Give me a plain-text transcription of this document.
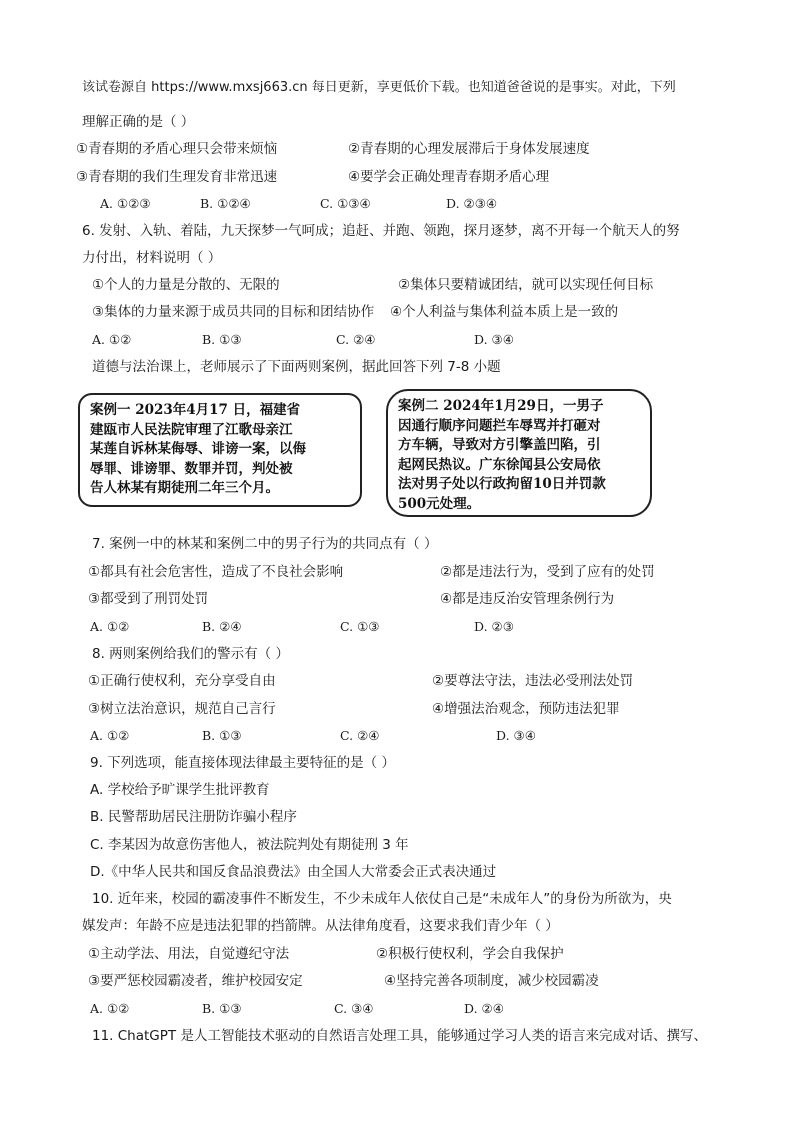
该试卷源自 https://www.mxsj663.cn 每日更新，享更低价下载。也知道爸爸说的是事实。对此，下列
理解正确的是（ ）
①青春期的矛盾心理只会带来烦恼	②青春期的心理发展滞后于身体发展速度
③青春期的我们生理发育非常迅速	④要学会正确处理青春期矛盾心理
A. ①②③	B. ①②④	C. ①③④	D. ②③④
6. 发射、入轨、着陆，九天探梦一气呵成；追赶、并跑、领跑，探月逐梦，离不开每一个航天人的努
力付出，材料说明（ ）
①个人的力量是分散的、无限的	②集体只要精诚团结，就可以实现任何目标
③集体的力量来源于成员共同的目标和团结协作 ④个人利益与集体利益本质上是一致的
A. ①②	B. ①③	C. ②④	D. ③④
道德与法治课上，老师展示了下面两则案例，据此回答下列 7-8 小题
案例一 2023年4月17 日，福建省
建瓯市人民法院审理了江歌母亲江
某莲自诉林某侮辱、诽谤一案，以侮
辱罪、诽谤罪、数罪并罚，判处被
告人林某有期徒刑二年三个月。
案例二 2024年1月29日，一男子
因通行顺序问题拦车辱骂并打砸对
方车辆，导致对方引擎盖凹陷，引
起网民热议。广东徐闻县公安局依
法对男子处以行政拘留10日并罚款
500元处理。
7. 案例一中的林某和案例二中的男子行为的共同点有（ ）
①都具有社会危害性，造成了不良社会影响	②都是违法行为，受到了应有的处罚
③都受到了刑罚处罚	④都是违反治安管理条例行为
A. ①②	B. ②④	C. ①③	D. ②③
8. 两则案例给我们的警示有（ ）
①正确行使权利，充分享受自由	②要尊法守法，违法必受刑法处罚
③树立法治意识，规范自己言行	④增强法治观念，预防违法犯罪
A. ①②	B. ①③	C. ②④	D. ③④
9. 下列选项，能直接体现法律最主要特征的是（ ）
A. 学校给予旷课学生批评教育
B. 民警帮助居民注册防诈骗小程序
C. 李某因为故意伤害他人，被法院判处有期徒刑 3 年
D.《中华人民共和国反食品浪费法》由全国人大常委会正式表决通过
10. 近年来，校园的霸凌事件不断发生，不少未成年人依仗自己是“未成年人”的身份为所欲为，央
媒发声：年龄不应是违法犯罪的挡箭牌。从法律角度看，这要求我们青少年（ ）
①主动学法、用法，自觉遵纪守法	②积极行使权利，学会自我保护
③要严惩校园霸凌者，维护校园安定	④坚持完善各项制度，减少校园霸凌
A. ①②	B. ①③	C. ③④	D. ②④
11. ChatGPT 是人工智能技术驱动的自然语言处理工具，能够通过学习人类的语言来完成对话、撰写、
